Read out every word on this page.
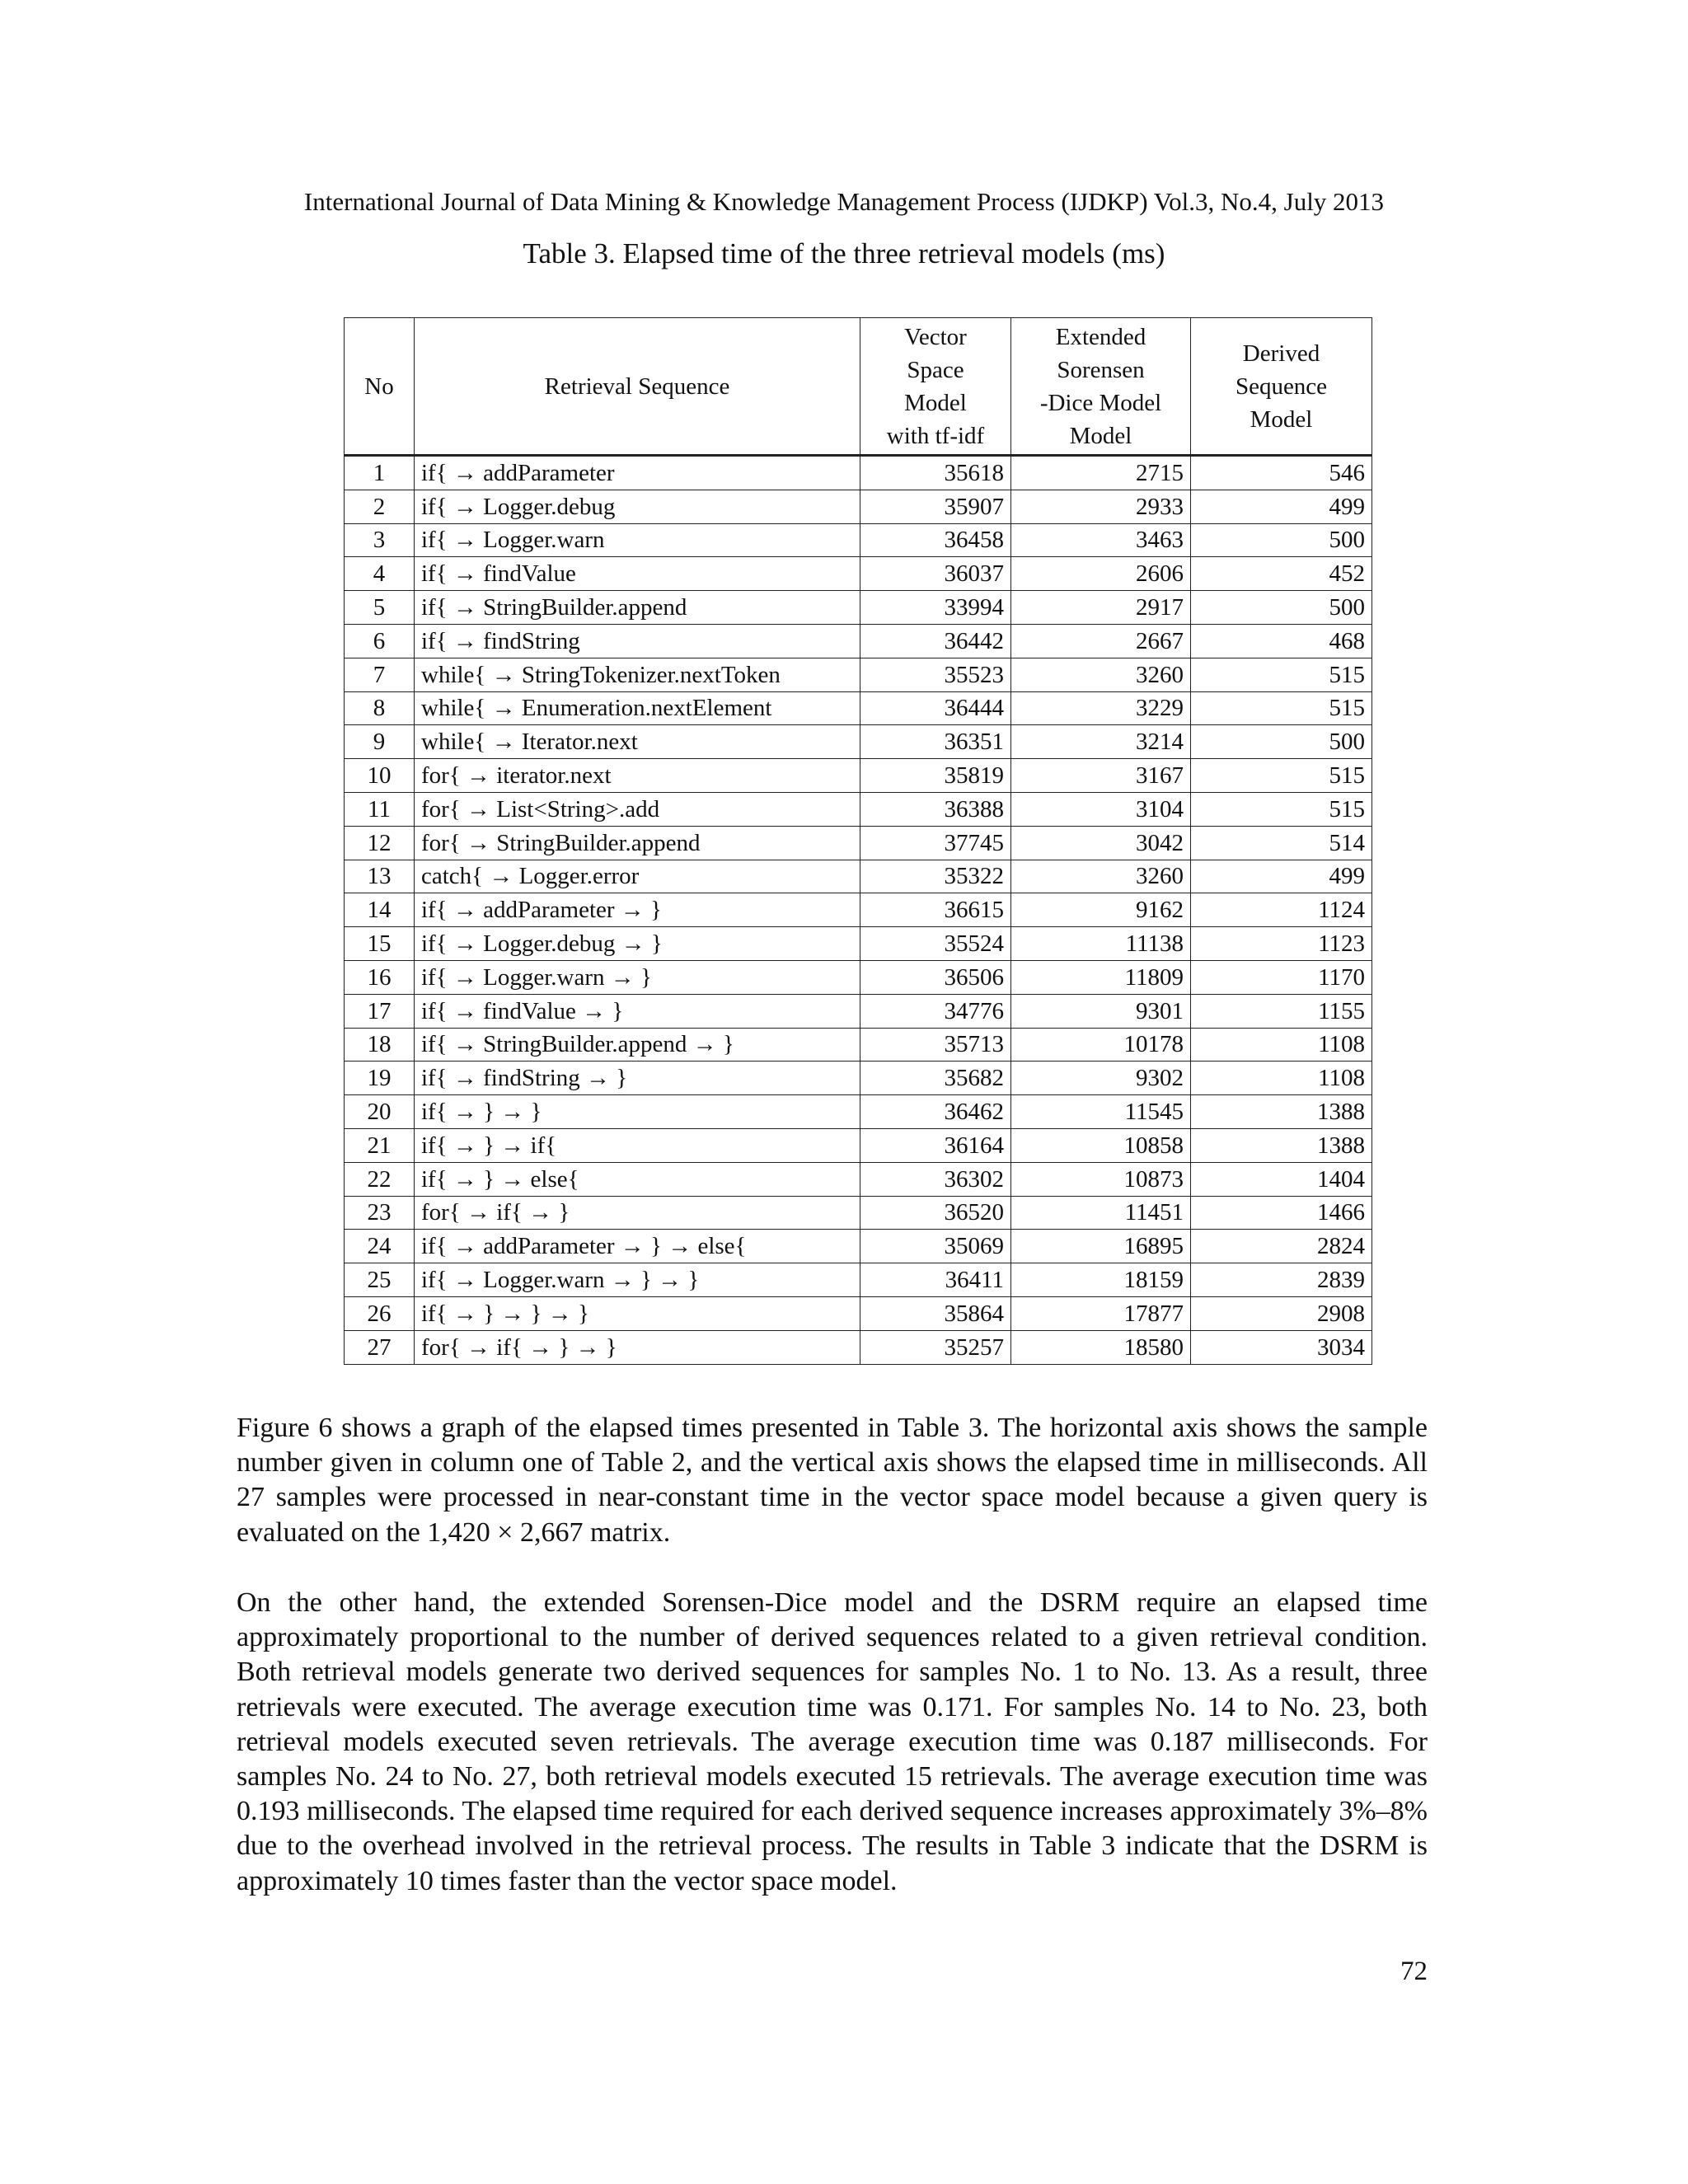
International Journal of Data Mining & Knowledge Management Process (IJDKP) Vol.3, No.4, July 2013
Table 3. Elapsed time of the three retrieval models (ms)
No	Retrieval Sequence	Vector
Space
Model
with tf-idf	Extended
Sorensen
-Dice Model
Model	Derived
Sequence
Model
1	if{ → addParameter	35618	2715	546
2	if{ → Logger.debug	35907	2933	499
3	if{ → Logger.warn	36458	3463	500
4	if{ → findValue	36037	2606	452
5	if{ → StringBuilder.append	33994	2917	500
6	if{ → findString	36442	2667	468
7	while{ → StringTokenizer.nextToken	35523	3260	515
8	while{ → Enumeration.nextElement	36444	3229	515
9	while{ → Iterator.next	36351	3214	500
10	for{ → iterator.next	35819	3167	515
11	for{ → List<String>.add	36388	3104	515
12	for{ → StringBuilder.append	37745	3042	514
13	catch{ → Logger.error	35322	3260	499
14	if{ → addParameter → }	36615	9162	1124
15	if{ → Logger.debug → }	35524	11138	1123
16	if{ → Logger.warn → }	36506	11809	1170
17	if{ → findValue → }	34776	9301	1155
18	if{ → StringBuilder.append → }	35713	10178	1108
19	if{ → findString → }	35682	9302	1108
20	if{ → } → }	36462	11545	1388
21	if{ → } → if{	36164	10858	1388
22	if{ → } → else{	36302	10873	1404
23	for{ → if{ → }	36520	11451	1466
24	if{ → addParameter → } → else{	35069	16895	2824
25	if{ → Logger.warn → } → }	36411	18159	2839
26	if{ → } → } → }	35864	17877	2908
27	for{ → if{ → } → }	35257	18580	3034

Figure 6 shows a graph of the elapsed times presented in Table 3. The horizontal axis shows the sample number given in column one of Table 2, and the vertical axis shows the elapsed time in milliseconds. All 27 samples were processed in near-constant time in the vector space model because a given query is evaluated on the 1,420 × 2,667 matrix.

On the other hand, the extended Sorensen-Dice model and the DSRM require an elapsed time approximately proportional to the number of derived sequences related to a given retrieval condition. Both retrieval models generate two derived sequences for samples No. 1 to No. 13. As a result, three retrievals were executed. The average execution time was 0.171. For samples No. 14 to No. 23, both retrieval models executed seven retrievals. The average execution time was 0.187 milliseconds. For samples No. 24 to No. 27, both retrieval models executed 15 retrievals. The average execution time was 0.193 milliseconds. The elapsed time required for each derived sequence increases approximately 3%–8% due to the overhead involved in the retrieval process. The results in Table 3 indicate that the DSRM is approximately 10 times faster than the vector space model.

72
